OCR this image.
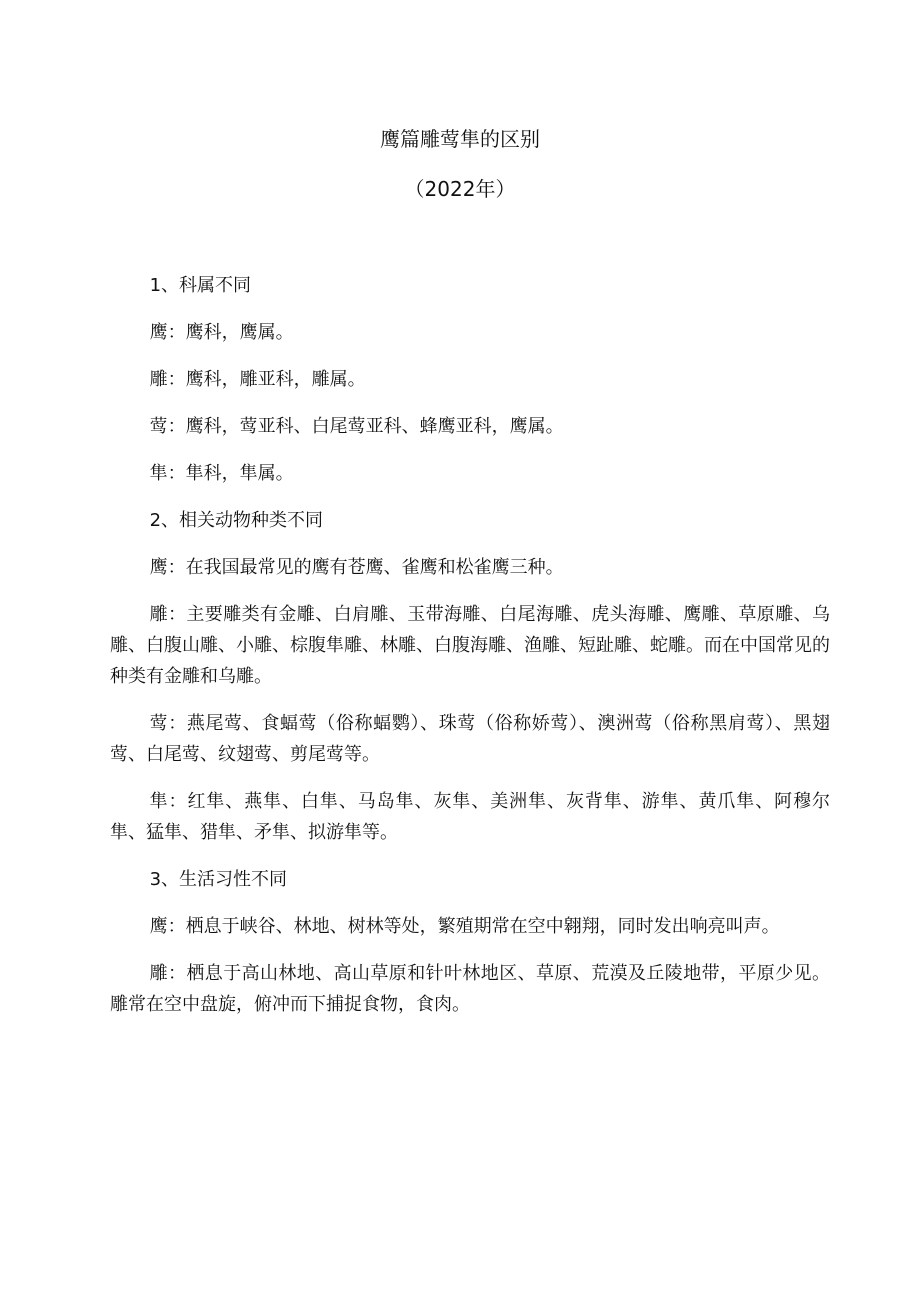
鹰篇雕莺隼的区别
（2022年）

1、科属不同

鹰：鹰科，鹰属。

雕：鹰科，雕亚科，雕属。

莺：鹰科，莺亚科、白尾莺亚科、蜂鹰亚科，鹰属。

隼：隼科，隼属。

2、相关动物种类不同

鹰：在我国最常见的鹰有苍鹰、雀鹰和松雀鹰三种。

雕：主要雕类有金雕、白肩雕、玉带海雕、白尾海雕、虎头海雕、鹰雕、草原雕、乌雕、白腹山雕、小雕、棕腹隼雕、林雕、白腹海雕、渔雕、短趾雕、蛇雕。而在中国常见的种类有金雕和乌雕。

莺：燕尾莺、食蝠莺（俗称蝠鹦）、珠莺（俗称娇莺）、澳洲莺（俗称黑肩莺）、黑翅莺、白尾莺、纹翅莺、剪尾莺等。

隼：红隼、燕隼、白隼、马岛隼、灰隼、美洲隼、灰背隼、游隼、黄爪隼、阿穆尔隼、猛隼、猎隼、矛隼、拟游隼等。

3、生活习性不同

鹰：栖息于峡谷、林地、树林等处，繁殖期常在空中翱翔，同时发出响亮叫声。

雕：栖息于高山林地、高山草原和针叶林地区、草原、荒漠及丘陵地带，平原少见。雕常在空中盘旋，俯冲而下捕捉食物，食肉。
